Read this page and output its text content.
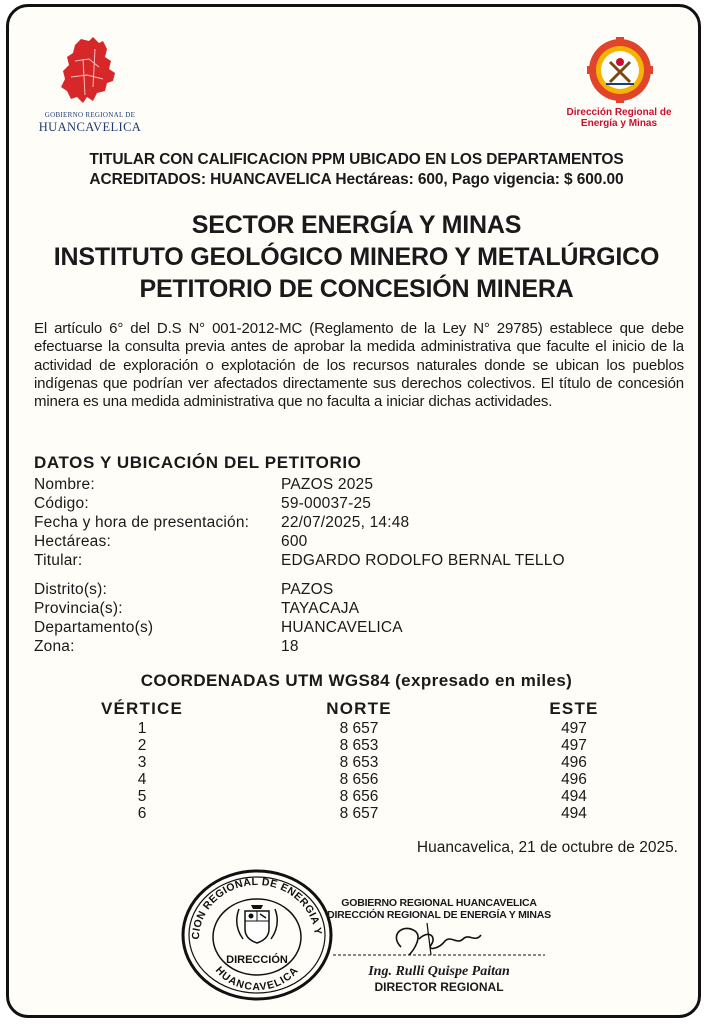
GOBIERNO REGIONAL DE
HUANCAVELICA
Dirección Regional de
Energía y Minas
TITULAR CON CALIFICACION PPM UBICADO EN LOS DEPARTAMENTOS
ACREDITADOS: HUANCAVELICA Hectáreas: 600, Pago vigencia: $ 600.00
SECTOR ENERGÍA Y MINAS
INSTITUTO GEOLÓGICO MINERO Y METALÚRGICO
PETITORIO DE CONCESIÓN MINERA
El artículo 6° del D.S N° 001-2012-MC (Reglamento de la Ley N° 29785) establece que debe efectuarse la consulta previa antes de aprobar la medida administrativa que faculte el inicio de la actividad de exploración o explotación de los recursos naturales donde se ubican los pueblos indígenas que podrían ver afectados directamente sus derechos colectivos. El título de concesión minera es una medida administrativa que no faculta a iniciar dichas actividades.
DATOS Y UBICACIÓN DEL PETITORIO
Nombre:	PAZOS 2025
Código:	59-00037-25
Fecha y hora de presentación: 22/07/2025, 14:48
Hectáreas:	600
Titular:	EDGARDO RODOLFO BERNAL TELLO
Distrito(s):	PAZOS
Provincia(s):	TAYACAJA
Departamento(s)	HUANCAVELICA
Zona:	18
COORDENADAS UTM WGS84 (expresado en miles)
VÉRTICE	NORTE	ESTE
1	8 657	497
2	8 653	497
3	8 653	496
4	8 656	496
5	8 656	494
6	8 657	494
Huancavelica, 21 de octubre de 2025.
CION REGIONAL DE ENERGIA Y
HUANCAVELICA
DIRECCIÓN
GOBIERNO REGIONAL HUANCAVELICA
DIRECCIÓN REGIONAL DE ENERGÍA Y MINAS
Ing. Rulli Quispe Paitan
DIRECTOR REGIONAL
